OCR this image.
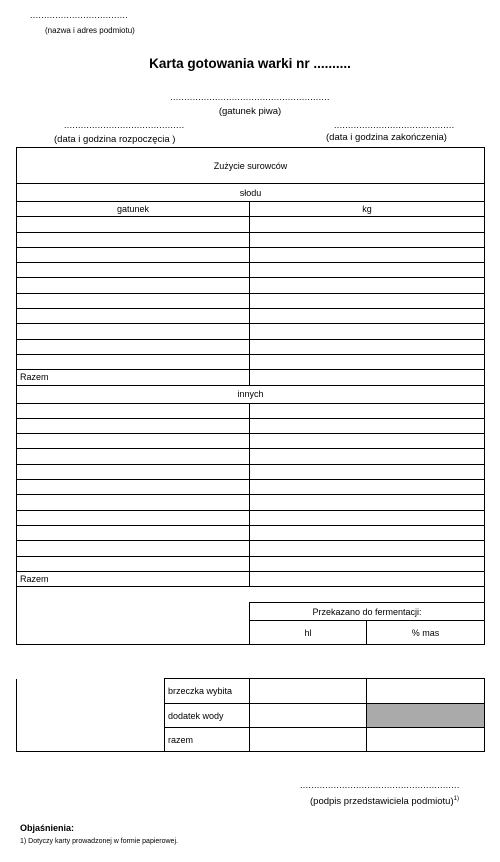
...................................
(nazwa i adres podmiotu)
Karta gotowania warki nr ..........
.........................................................
(gatunek piwa)
...........................................
(data i godzina rozpoczęcia )
...........................................
(data i godzina zakończenia)
Zużycie surowców		
słodu		
gatunek	kg	

Razem		
innych		

Razem		

	Przekazano do fermentacji:	
	hl	% mas
	brzeczka wybita		
	dodatek wody		
	razem		
.........................................................
(podpis przedstawiciela podmiotu)$^{1)}$
Objaśnienia:
1) Dotyczy karty prowadzonej w formie papierowej.
